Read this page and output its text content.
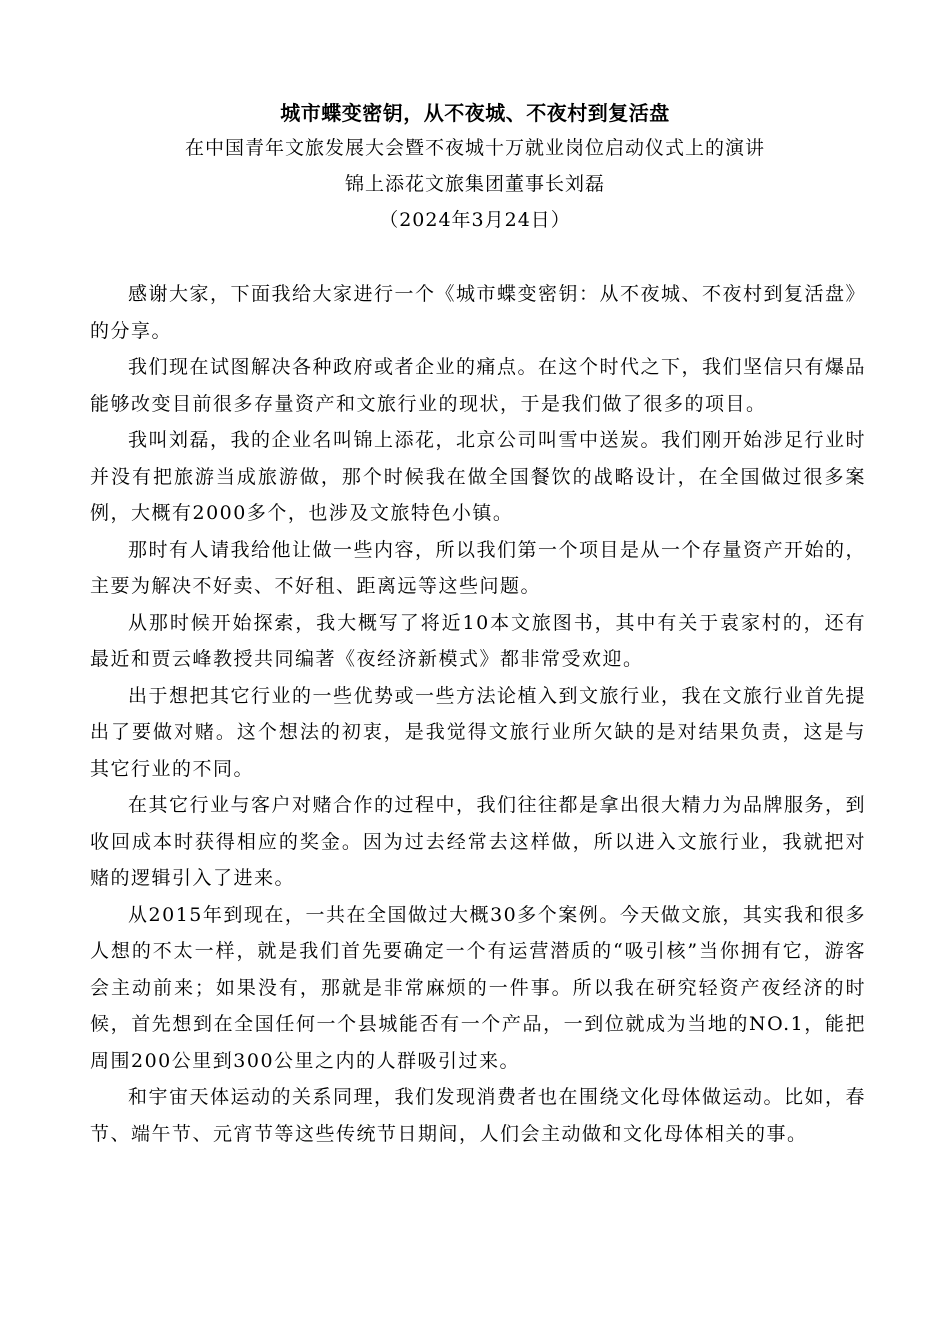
城市蝶变密钥，从不夜城、不夜村到复活盘
在中国青年文旅发展大会暨不夜城十万就业岗位启动仪式上的演讲
锦上添花文旅集团董事长刘磊
（2024年3月24日）

感谢大家，下面我给大家进行一个《城市蝶变密钥：从不夜城、不夜村到复活盘》的分享。

我们现在试图解决各种政府或者企业的痛点。在这个时代之下，我们坚信只有爆品能够改变目前很多存量资产和文旅行业的现状，于是我们做了很多的项目。

我叫刘磊，我的企业名叫锦上添花，北京公司叫雪中送炭。我们刚开始涉足行业时并没有把旅游当成旅游做，那个时候我在做全国餐饮的战略设计，在全国做过很多案例，大概有2000多个，也涉及文旅特色小镇。

那时有人请我给他让做一些内容，所以我们第一个项目是从一个存量资产开始的，主要为解决不好卖、不好租、距离远等这些问题。

从那时候开始探索，我大概写了将近10本文旅图书，其中有关于袁家村的，还有最近和贾云峰教授共同编著《夜经济新模式》都非常受欢迎。

出于想把其它行业的一些优势或一些方法论植入到文旅行业，我在文旅行业首先提出了要做对赌。这个想法的初衷，是我觉得文旅行业所欠缺的是对结果负责，这是与其它行业的不同。

在其它行业与客户对赌合作的过程中，我们往往都是拿出很大精力为品牌服务，到收回成本时获得相应的奖金。因为过去经常去这样做，所以进入文旅行业，我就把对赌的逻辑引入了进来。

从2015年到现在，一共在全国做过大概30多个案例。今天做文旅，其实我和很多人想的不太一样，就是我们首先要确定一个有运营潜质的“吸引核”当你拥有它，游客会主动前来；如果没有，那就是非常麻烦的一件事。所以我在研究轻资产夜经济的时候，首先想到在全国任何一个县城能否有一个产品，一到位就成为当地的NO.1，能把周围200公里到300公里之内的人群吸引过来。

和宇宙天体运动的关系同理，我们发现消费者也在围绕文化母体做运动。比如，春节、端午节、元宵节等这些传统节日期间，人们会主动做和文化母体相关的事。
